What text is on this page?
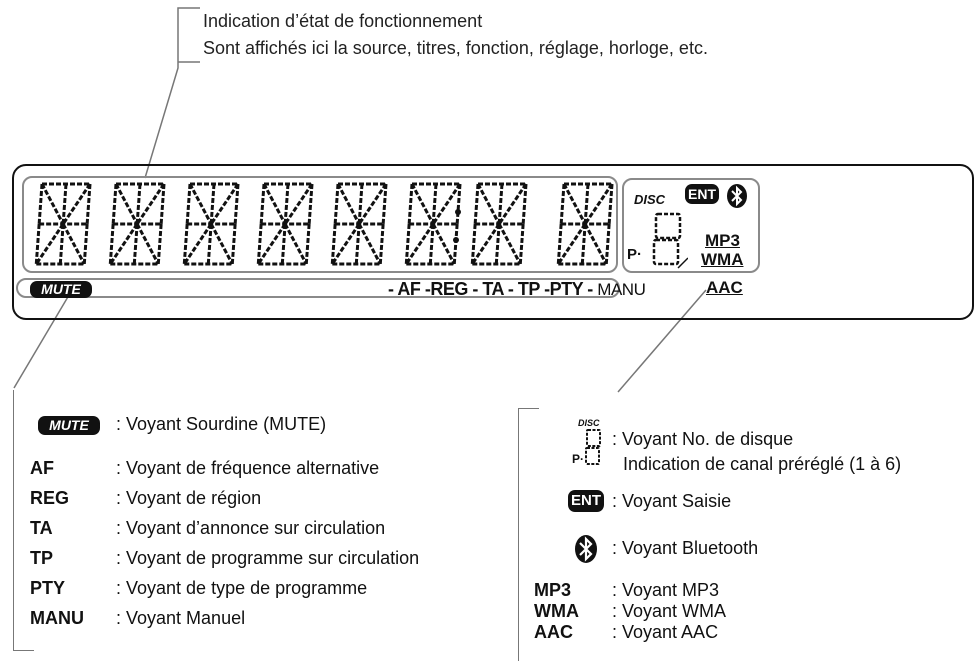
Indication d’état de fonctionnement
Sont affichés ici la source, titres, fonction, réglage, horloge, etc.
MUTE	- AF -REG - TA - TP -PTY - MANU
DISC
P·
ENT
MP3
WMA
AAC
MUTE	: Voyant Sourdine (MUTE)
AF	: Voyant de fréquence alternative
REG	: Voyant de région
TA	: Voyant d’annonce sur circulation
TP	: Voyant de programme sur circulation
PTY	: Voyant de type de programme
MANU	: Voyant Manuel
DISC
P·
: Voyant No. de disque
Indication de canal préréglé (1 à 6)
ENT : Voyant Saisie
: Voyant Bluetooth
MP3	: Voyant MP3
WMA	: Voyant WMA
AAC	: Voyant AAC
